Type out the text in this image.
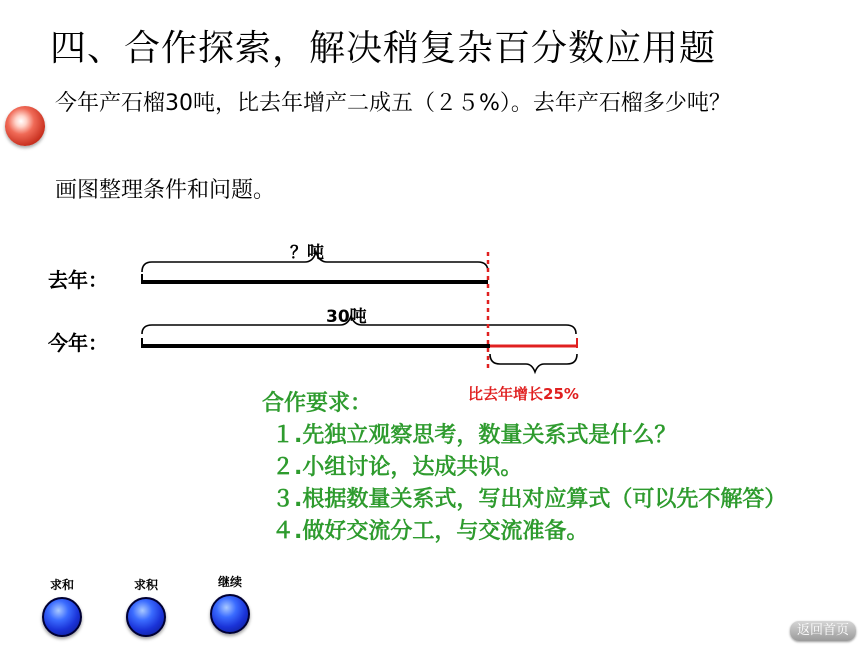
四、合作探索，解决稍复杂百分数应用题
今年产石榴30吨，比去年增产二成五（２５%）。去年产石榴多少吨？
画图整理条件和问题。
去年：
今年：
？吨
30吨
比去年增长25%
合作要求：
１.先独立观察思考，数量关系式是什么？
２.小组讨论，达成共识。
３.根据数量关系式，写出对应算式（可以先不解答）
４.做好交流分工，与交流准备。
求和	求积	继续
返回首页
